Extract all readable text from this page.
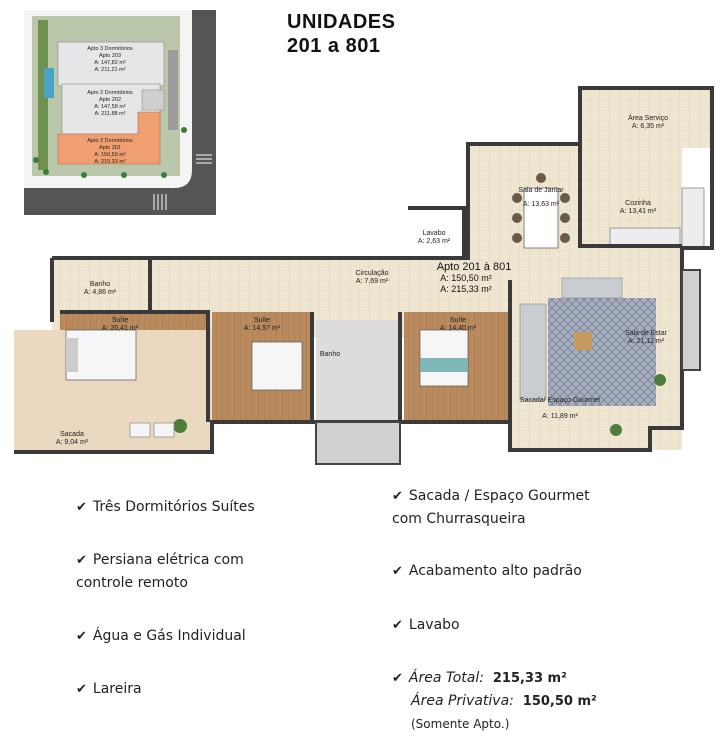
UNIDADES
201 a 801
Apto 3 Dormitórios
Apto 203
A: 147,82 m²
A: 211,21 m²
Apto 3 Dormitórios
Apto 202
A: 147,58 m²
A: 211,88 m²
Apto 3 Dormitórios
Apto 201
A: 150,50 m²
A: 215,33 m²
Área Serviço
A: 6,35 m²
Sala de Jantar
A: 13,63 m²	Cozinha
A: 13,41 m²
Lavabo
A: 2,63 m²
Circulação
A: 7,69 m²
Banho
A: 4,86 m²
Suíte
A: 20,41 m²
Suíte
A: 14,57 m²
Suíte
A: 14,40 m²
Sala de Estar
A: 21,12 m²
Sacada/ Espaço Gourmet
A: 11,89 m²
Sacada
A: 9,04 m²
Banho
Apto 201 à 801
A: 150,50 m²
A: 215,33 m²
✔ Três Dormitórios Suítes
✔ Persiana elétrica com
controle remoto
✔ Água e Gás Individual
✔ Lareira
✔ Sacada / Espaço Gourmet
com Churrasqueira
✔ Acabamento alto padrão
✔ Lavabo
✔ Área Total: 215,33 m²
Área Privativa: 150,50 m²
(Somente Apto.)
